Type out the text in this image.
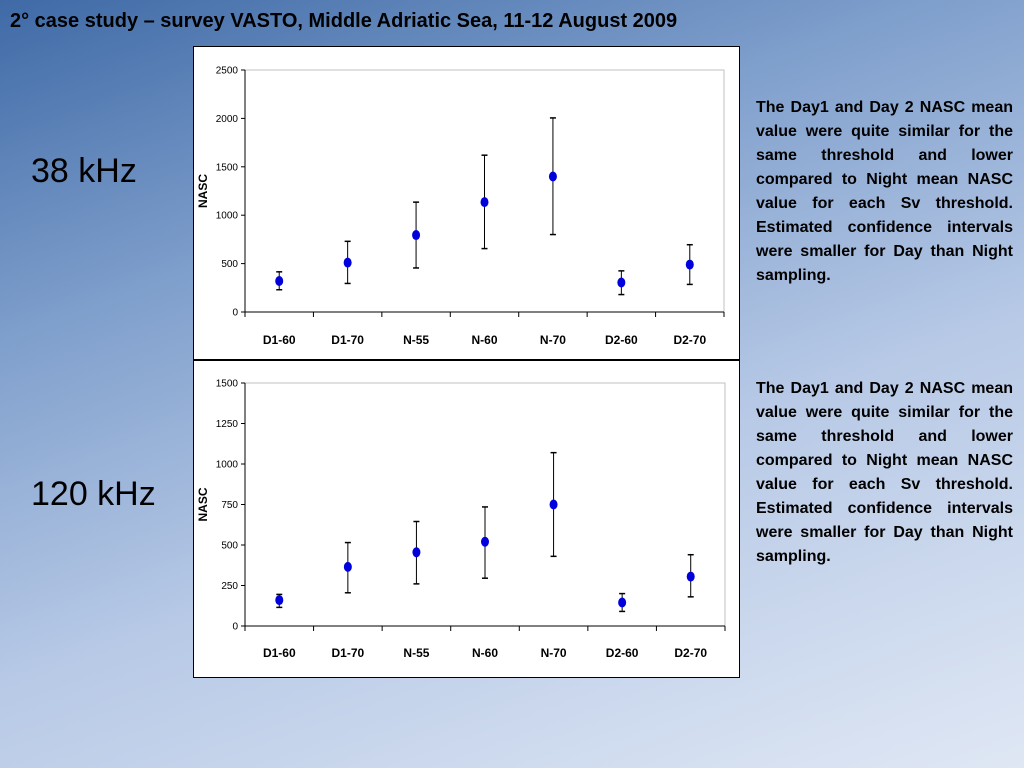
2° case study – survey VASTO, Middle Adriatic Sea, 11-12 August 2009
38 kHz
120 kHz
0
500
1000
1500
2000
2500
NASC
D1-60	D1-70	N-55	N-60	N-70	D2-60	D2-70
0
250
500
750
1000
1250
1500
NASC
D1-60	D1-70	N-55	N-60	N-70	D2-60	D2-70

The Day1 and Day 2 NASC mean value were quite similar for the same threshold and lower compared to Night mean NASC value for each Sv threshold. Estimated confidence intervals were smaller for Day than Night sampling.

The Day1 and Day 2 NASC mean value were quite similar for the same threshold and lower compared to Night mean NASC value for each Sv threshold. Estimated confidence intervals were smaller for Day than Night sampling.
